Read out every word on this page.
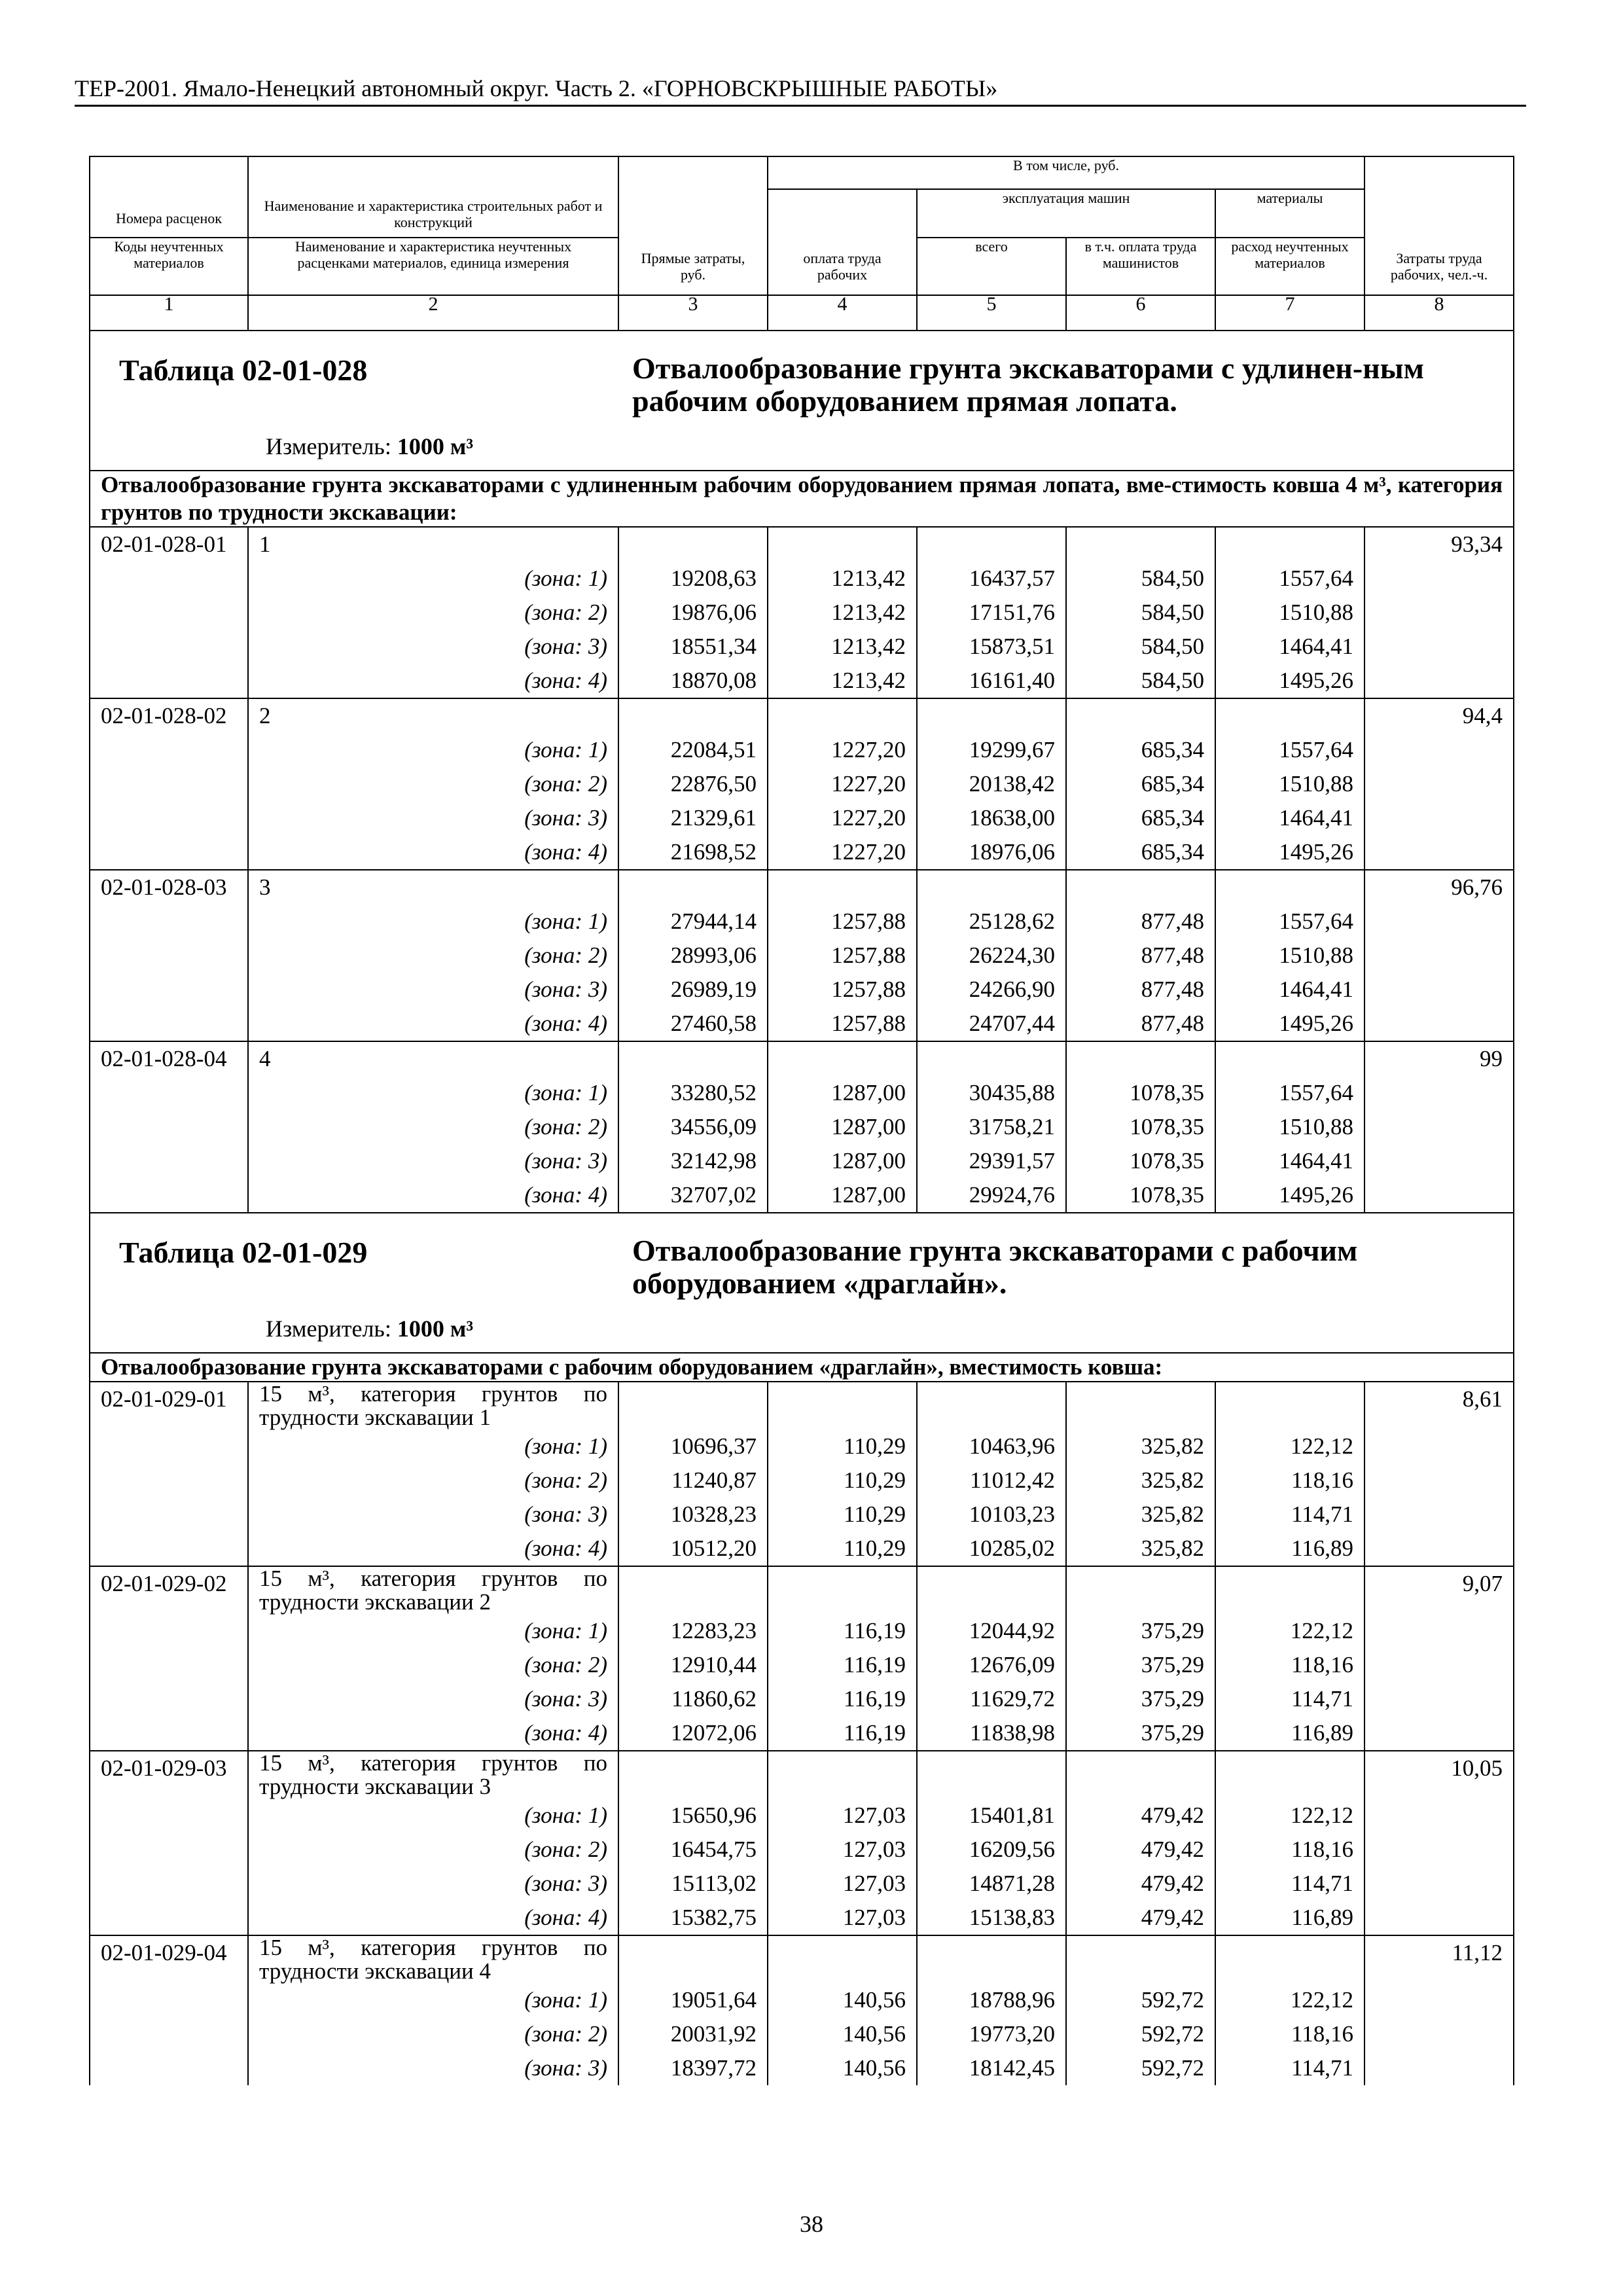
ТЕР-2001. Ямало-Ненецкий автономный округ. Часть 2. «ГОРНОВСКРЫШНЫЕ РАБОТЫ»
Номера расценок	Наименование и характеристика строительных работ и конструкций	Прямые затраты, руб.	В том числе, руб.				Затраты труда рабочих, чел.-ч.
			оплата труда рабочих	эксплуатация машин		материалы	
Коды неучтенных материалов	Наименование и характеристика неучтенных расценками материалов, единица измерения			всего	в т.ч. оплата труда машинистов	расход неучтенных материалов	

1	2	3	4	5	6	7	8

Таблица 02-01-028 Отвалообразование грунта экскаваторами с удлинен-ным рабочим оборудованием прямая лопата.
Измеритель: 1000 м³							

Отвалообразование грунта экскаваторами с удлиненным рабочим оборудованием прямая лопата, вме-стимость ковша 4 м³, категория грунтов по трудности экскавации:							
02-01-028-01	1						93,34
	(зона: 1)	19208,63	1213,42	16437,57	584,50	1557,64	
	(зона: 2)	19876,06	1213,42	17151,76	584,50	1510,88	
	(зона: 3)	18551,34	1213,42	15873,51	584,50	1464,41	
	(зона: 4)	18870,08	1213,42	16161,40	584,50	1495,26	
02-01-028-02	2						94,4
	(зона: 1)	22084,51	1227,20	19299,67	685,34	1557,64	
	(зона: 2)	22876,50	1227,20	20138,42	685,34	1510,88	
	(зона: 3)	21329,61	1227,20	18638,00	685,34	1464,41	
	(зона: 4)	21698,52	1227,20	18976,06	685,34	1495,26	
02-01-028-03	3						96,76
	(зона: 1)	27944,14	1257,88	25128,62	877,48	1557,64	
	(зона: 2)	28993,06	1257,88	26224,30	877,48	1510,88	
	(зона: 3)	26989,19	1257,88	24266,90	877,48	1464,41	
	(зона: 4)	27460,58	1257,88	24707,44	877,48	1495,26	
02-01-028-04	4						99
	(зона: 1)	33280,52	1287,00	30435,88	1078,35	1557,64	
	(зона: 2)	34556,09	1287,00	31758,21	1078,35	1510,88	
	(зона: 3)	32142,98	1287,00	29391,57	1078,35	1464,41	
	(зона: 4)	32707,02	1287,00	29924,76	1078,35	1495,26	

Таблица 02-01-029 Отвалообразование грунта экскаваторами с рабочим оборудованием «драглайн».
Измеритель: 1000 м³							

Отвалообразование грунта экскаваторами с рабочим оборудованием «драглайн», вместимость ковша:							
02-01-029-01	15 м³, категория грунтов по трудности экскавации 1						8,61
	(зона: 1)	10696,37	110,29	10463,96	325,82	122,12	
	(зона: 2)	11240,87	110,29	11012,42	325,82	118,16	
	(зона: 3)	10328,23	110,29	10103,23	325,82	114,71	
	(зона: 4)	10512,20	110,29	10285,02	325,82	116,89	
02-01-029-02	15 м³, категория грунтов по трудности экскавации 2						9,07
	(зона: 1)	12283,23	116,19	12044,92	375,29	122,12	
	(зона: 2)	12910,44	116,19	12676,09	375,29	118,16	
	(зона: 3)	11860,62	116,19	11629,72	375,29	114,71	
	(зона: 4)	12072,06	116,19	11838,98	375,29	116,89	
02-01-029-03	15 м³, категория грунтов по трудности экскавации 3						10,05
	(зона: 1)	15650,96	127,03	15401,81	479,42	122,12	
	(зона: 2)	16454,75	127,03	16209,56	479,42	118,16	
	(зона: 3)	15113,02	127,03	14871,28	479,42	114,71	
	(зона: 4)	15382,75	127,03	15138,83	479,42	116,89	
02-01-029-04	15 м³, категория грунтов по трудности экскавации 4						11,12
	(зона: 1)	19051,64	140,56	18788,96	592,72	122,12	
	(зона: 2)	20031,92	140,56	19773,20	592,72	118,16	
	(зона: 3)	18397,72	140,56	18142,45	592,72	114,71	
38
